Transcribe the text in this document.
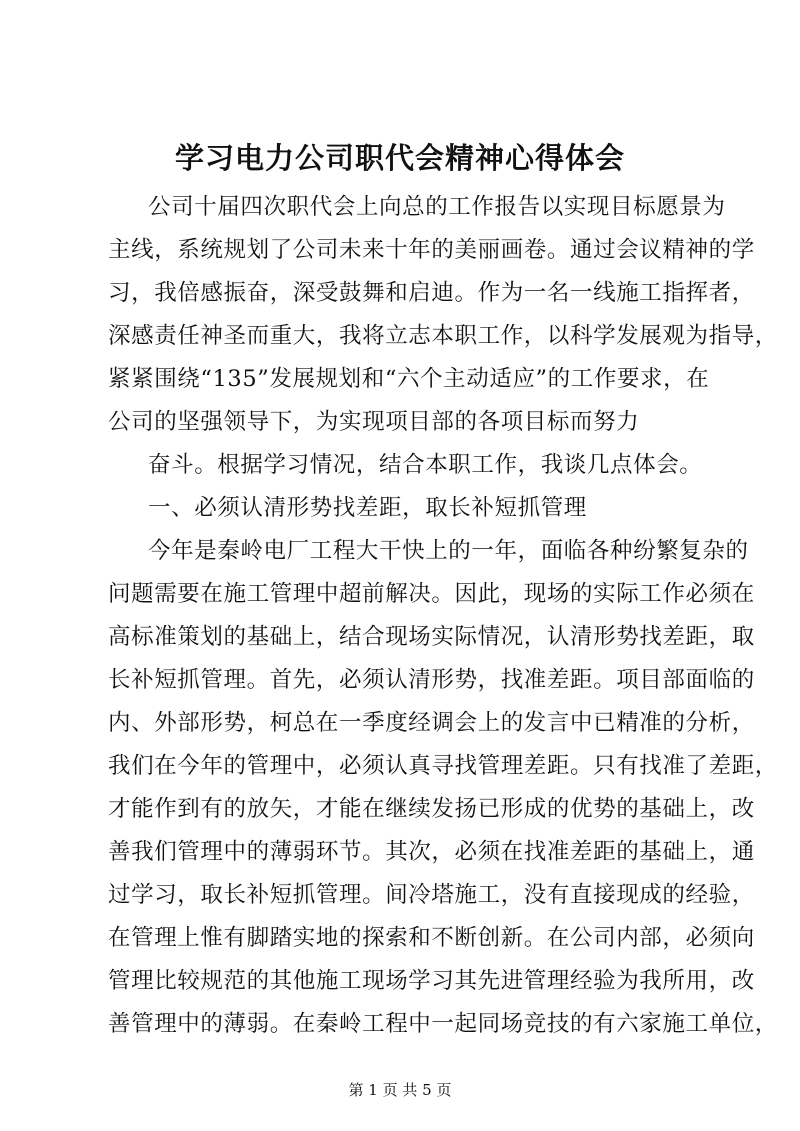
学习电力公司职代会精神心得体会
公司十届四次职代会上向总的工作报告以实现目标愿景为
主线，系统规划了公司未来十年的美丽画卷。通过会议精神的学
习，我倍感振奋，深受鼓舞和启迪。作为一名一线施工指挥者，
深感责任神圣而重大，我将立志本职工作，以科学发展观为指导，
紧紧围绕“135”发展规划和“六个主动适应”的工作要求，在
公司的坚强领导下，为实现项目部的各项目标而努力
奋斗。根据学习情况，结合本职工作，我谈几点体会。
一、必须认清形势找差距，取长补短抓管理
今年是秦岭电厂工程大干快上的一年，面临各种纷繁复杂的
问题需要在施工管理中超前解决。因此，现场的实际工作必须在
高标准策划的基础上，结合现场实际情况，认清形势找差距，取
长补短抓管理。首先，必须认清形势，找准差距。项目部面临的
内、外部形势，柯总在一季度经调会上的发言中已精准的分析，
我们在今年的管理中，必须认真寻找管理差距。只有找准了差距，
才能作到有的放矢，才能在继续发扬已形成的优势的基础上，改
善我们管理中的薄弱环节。其次，必须在找准差距的基础上，通
过学习，取长补短抓管理。间冷塔施工，没有直接现成的经验，
在管理上惟有脚踏实地的探索和不断创新。在公司内部，必须向
管理比较规范的其他施工现场学习其先进管理经验为我所用，改
善管理中的薄弱。在秦岭工程中一起同场竞技的有六家施工单位，
第 1 页 共 5 页
